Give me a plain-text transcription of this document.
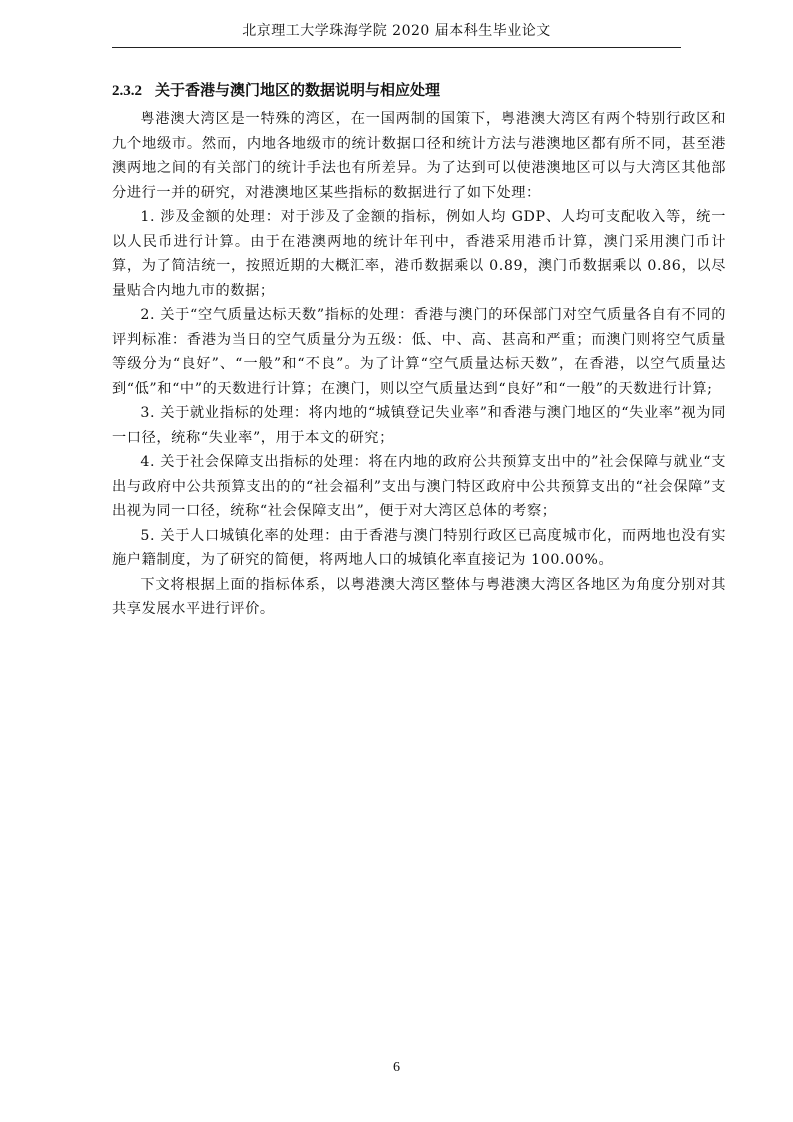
北京理工大学珠海学院 2020 届本科生毕业论文
2.3.2 关于香港与澳门地区的数据说明与相应处理

粤港澳大湾区是一特殊的湾区，在一国两制的国策下，粤港澳大湾区有两个特别行政区和九个地级市。然而，内地各地级市的统计数据口径和统计方法与港澳地区都有所不同，甚至港澳两地之间的有关部门的统计手法也有所差异。为了达到可以使港澳地区可以与大湾区其他部分进行一并的研究，对港澳地区某些指标的数据进行了如下处理：

1. 涉及金额的处理：对于涉及了金额的指标，例如人均 GDP、人均可支配收入等，统一以人民币进行计算。由于在港澳两地的统计年刊中，香港采用港币计算，澳门采用澳门币计算，为了简洁统一，按照近期的大概汇率，港币数据乘以 0.89，澳门币数据乘以 0.86，以尽量贴合内地九市的数据；

2. 关于“空气质量达标天数”指标的处理：香港与澳门的环保部门对空气质量各自有不同的评判标准：香港为当日的空气质量分为五级：低、中、高、甚高和严重；而澳门则将空气质量等级分为“良好”、“一般”和“不良”。为了计算“空气质量达标天数”，在香港，以空气质量达到“低”和“中”的天数进行计算；在澳门，则以空气质量达到“良好”和“一般”的天数进行计算;

3. 关于就业指标的处理：将内地的“城镇登记失业率”和香港与澳门地区的“失业率”视为同一口径，统称“失业率”，用于本文的研究；

4. 关于社会保障支出指标的处理：将在内地的政府公共预算支出中的”社会保障与就业“支出与政府中公共预算支出的的“社会福利”支出与澳门特区政府中公共预算支出的“社会保障”支出视为同一口径，统称“社会保障支出”，便于对大湾区总体的考察；

5. 关于人口城镇化率的处理：由于香港与澳门特别行政区已高度城市化，而两地也没有实施户籍制度，为了研究的简便，将两地人口的城镇化率直接记为 100.00%。

下文将根据上面的指标体系，以粤港澳大湾区整体与粤港澳大湾区各地区为角度分别对其共享发展水平进行评价。

6
